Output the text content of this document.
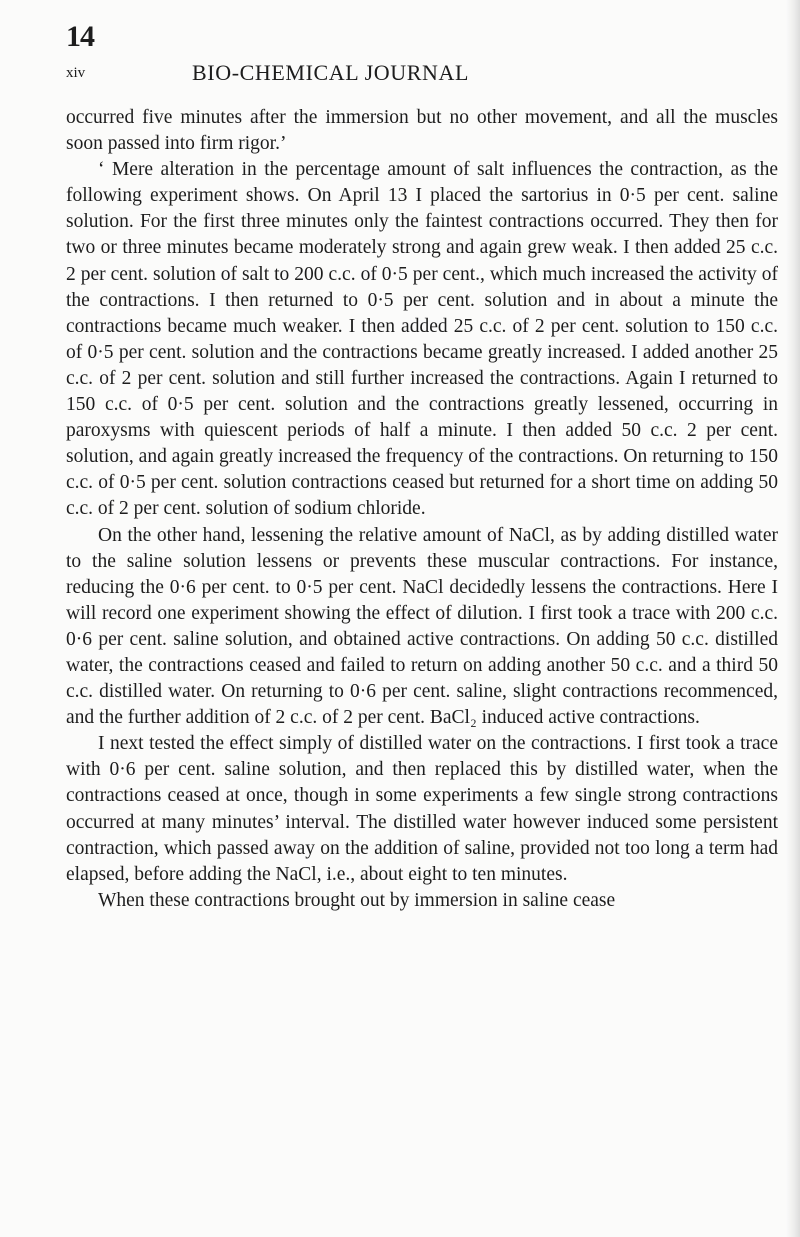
14
xiv	BIO-CHEMICAL JOURNAL

occurred five minutes after the immersion but no other movement, and all the muscles soon passed into firm rigor.’

‘ Mere alteration in the percentage amount of salt influences the contraction, as the following experiment shows. On April 13 I placed the sartorius in 0·5 per cent. saline solution. For the first three minutes only the faintest contractions occurred. They then for two or three minutes became moderately strong and again grew weak. I then added 25 c.c. 2 per cent. solution of salt to 200 c.c. of 0·5 per cent., which much increased the activity of the contractions. I then returned to 0·5 per cent. solution and in about a minute the contractions became much weaker. I then added 25 c.c. of 2 per cent. solution to 150 c.c. of 0·5 per cent. solution and the contractions became greatly increased. I added another 25 c.c. of 2 per cent. solution and still further increased the contractions. Again I returned to 150 c.c. of 0·5 per cent. solution and the contractions greatly lessened, occurring in paroxysms with quiescent periods of half a minute. I then added 50 c.c. 2 per cent. solution, and again greatly increased the frequency of the contractions. On returning to 150 c.c. of 0·5 per cent. solution contractions ceased but returned for a short time on adding 50 c.c. of 2 per cent. solution of sodium chloride.

On the other hand, lessening the relative amount of NaCl, as by adding distilled water to the saline solution lessens or prevents these muscular contractions. For instance, reducing the 0·6 per cent. to 0·5 per cent. NaCl decidedly lessens the contractions. Here I will record one experiment showing the effect of dilution. I first took a trace with 200 c.c. 0·6 per cent. saline solution, and obtained active contractions. On adding 50 c.c. distilled water, the contractions ceased and failed to return on adding another 50 c.c. and a third 50 c.c. distilled water. On returning to 0·6 per cent. saline, slight contractions recommenced, and the further addition of 2 c.c. of 2 per cent. BaCl₂ induced active contractions.

I next tested the effect simply of distilled water on the contractions. I first took a trace with 0·6 per cent. saline solution, and then replaced this by distilled water, when the contractions ceased at once, though in some experiments a few single strong contractions occurred at many minutes’ interval. The distilled water however induced some persistent contraction, which passed away on the addition of saline, provided not too long a term had elapsed, before adding the NaCl, i.e., about eight to ten minutes.

When these contractions brought out by immersion in saline cease
